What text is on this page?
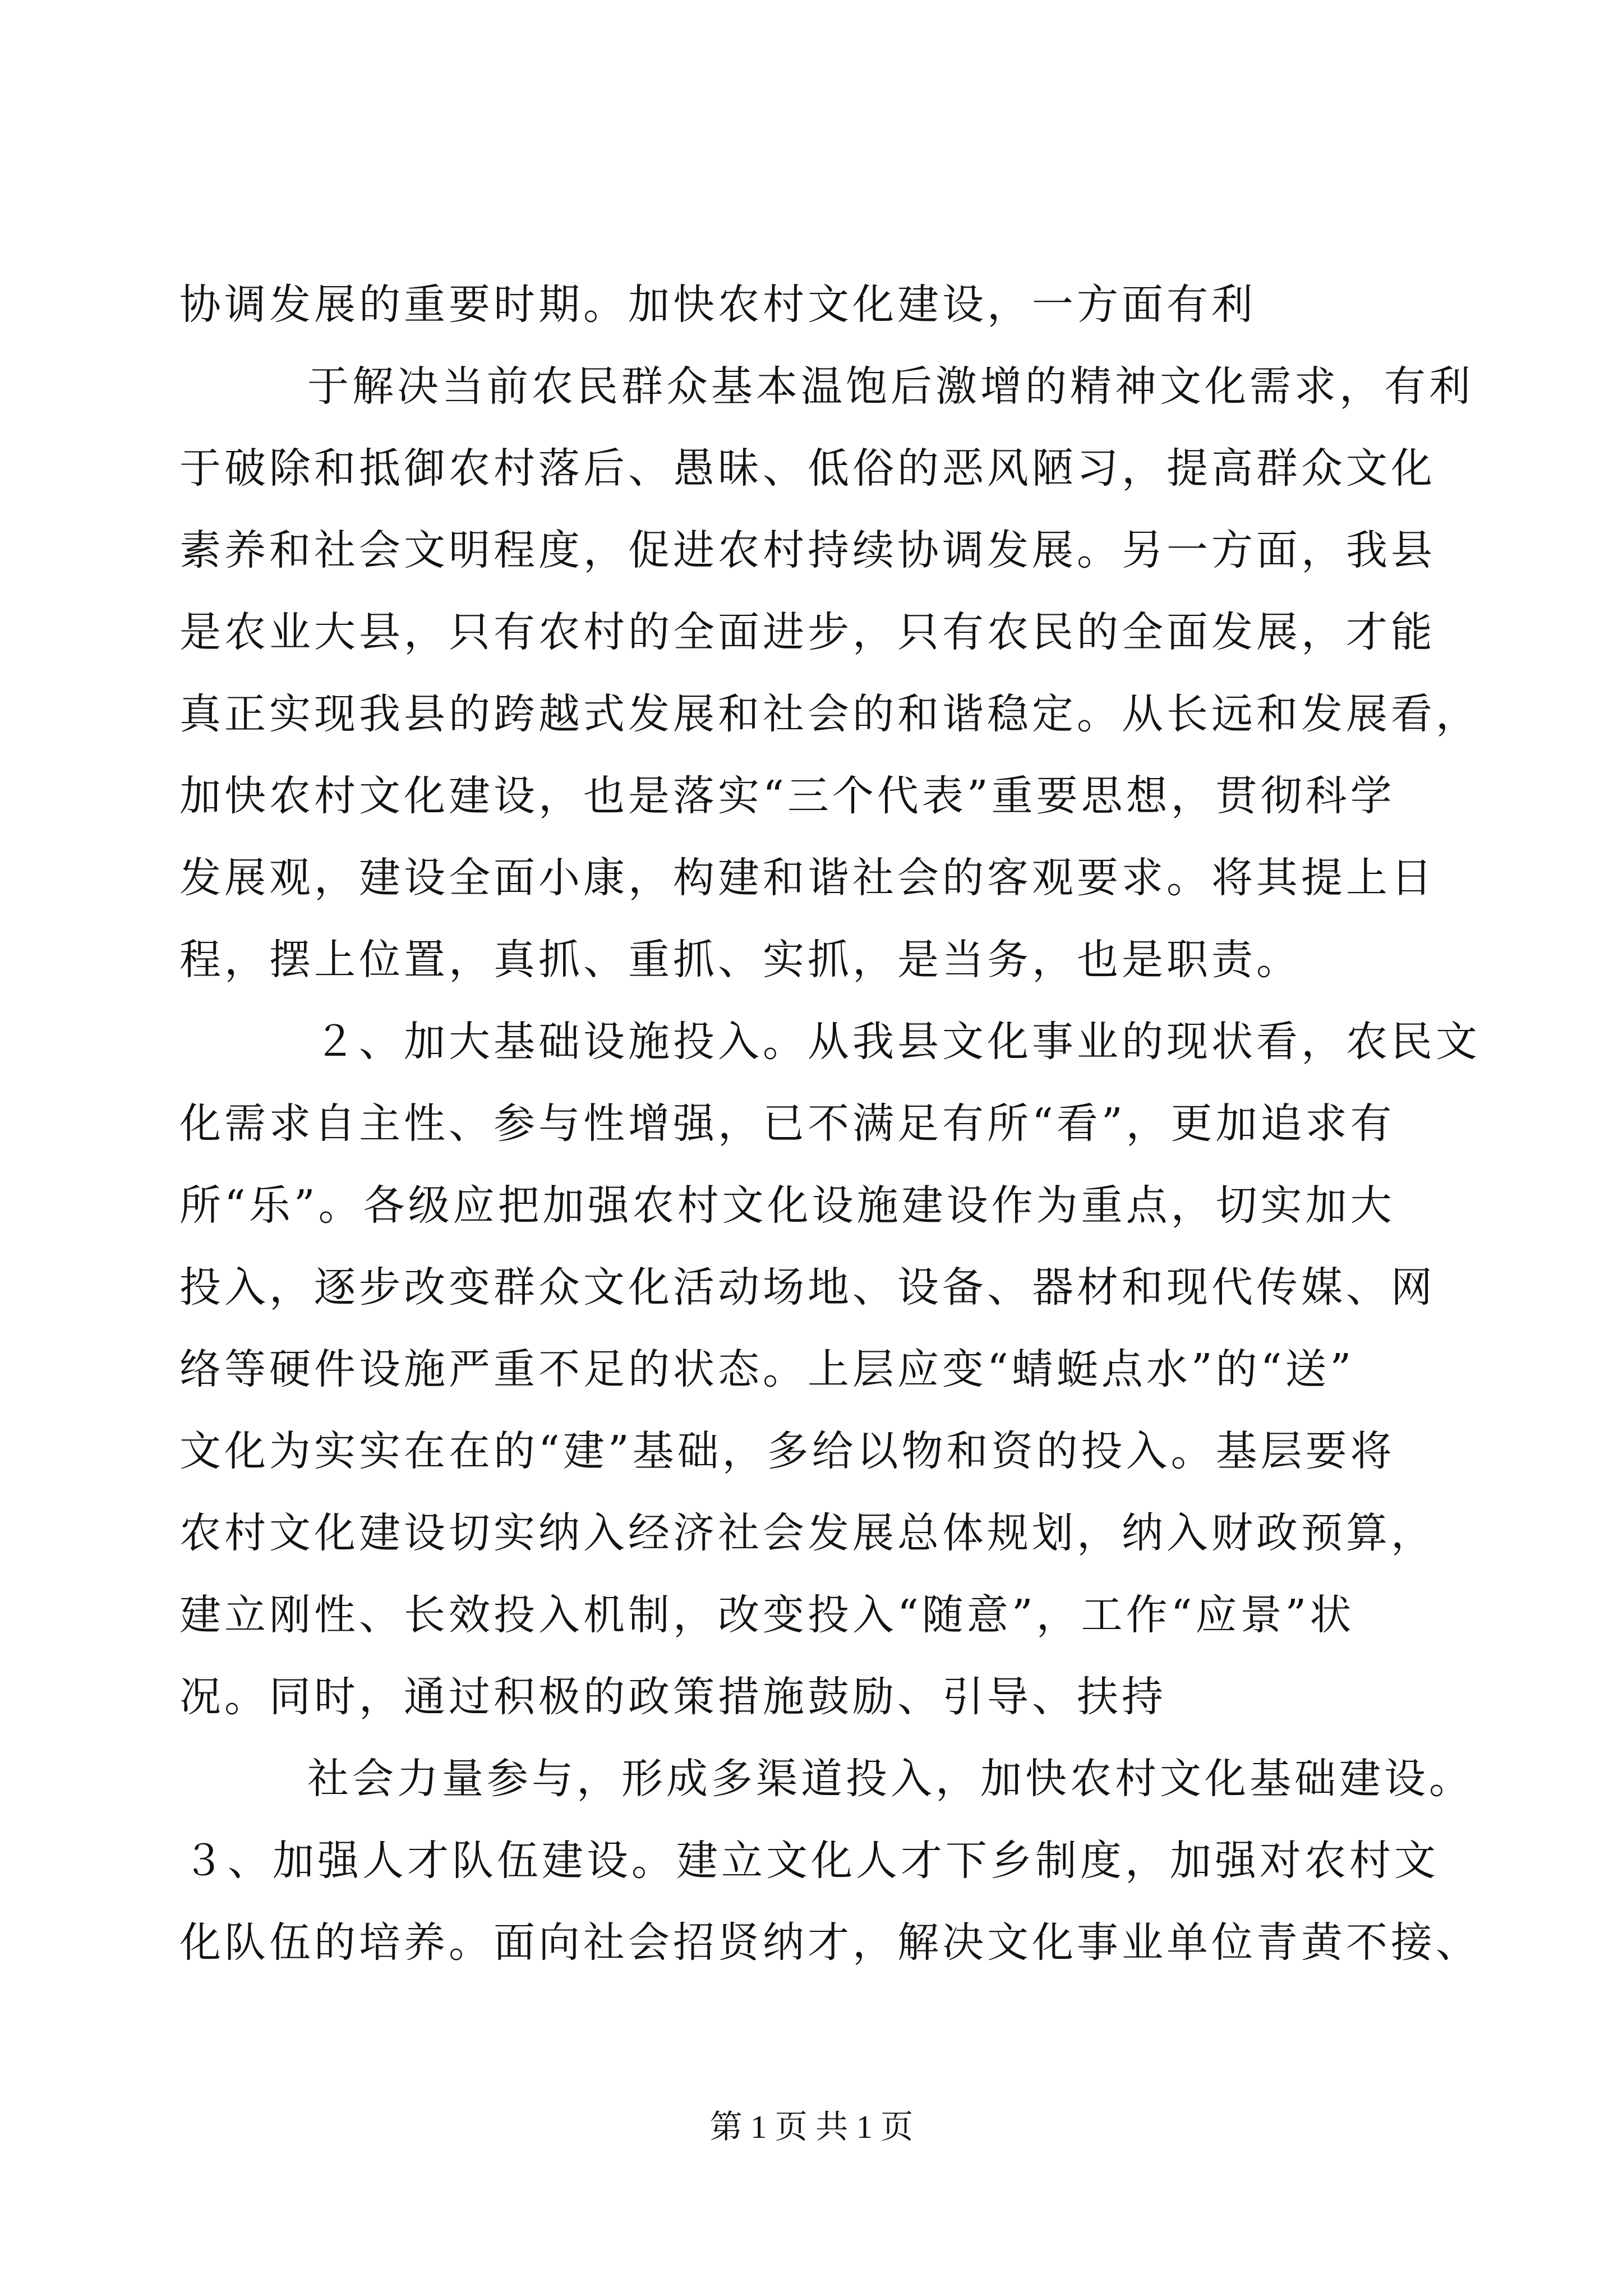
协调发展的重要时期。加快农村文化建设，一方面有利
于解决当前农民群众基本温饱后激增的精神文化需求，有利
于破除和抵御农村落后、愚昧、低俗的恶风陋习，提高群众文化
素养和社会文明程度，促进农村持续协调发展。另一方面，我县
是农业大县，只有农村的全面进步，只有农民的全面发展，才能
真正实现我县的跨越式发展和社会的和谐稳定。从长远和发展看，
加快农村文化建设，也是落实“三个代表”重要思想，贯彻科学
发展观，建设全面小康，构建和谐社会的客观要求。将其提上日
程，摆上位置，真抓、重抓、实抓，是当务，也是职责。
２、加大基础设施投入。从我县文化事业的现状看，农民文
化需求自主性、参与性增强，已不满足有所“看”，更加追求有
所“乐”。各级应把加强农村文化设施建设作为重点，切实加大
投入，逐步改变群众文化活动场地、设备、器材和现代传媒、网
络等硬件设施严重不足的状态。上层应变“蜻蜓点水”的“送”
文化为实实在在的“建”基础，多给以物和资的投入。基层要将
农村文化建设切实纳入经济社会发展总体规划，纳入财政预算，
建立刚性、长效投入机制，改变投入“随意”，工作“应景”状
况。同时，通过积极的政策措施鼓励、引导、扶持
社会力量参与，形成多渠道投入，加快农村文化基础建设。
３、加强人才队伍建设。建立文化人才下乡制度，加强对农村文
化队伍的培养。面向社会招贤纳才，解决文化事业单位青黄不接、
第 1 页 共 1 页
